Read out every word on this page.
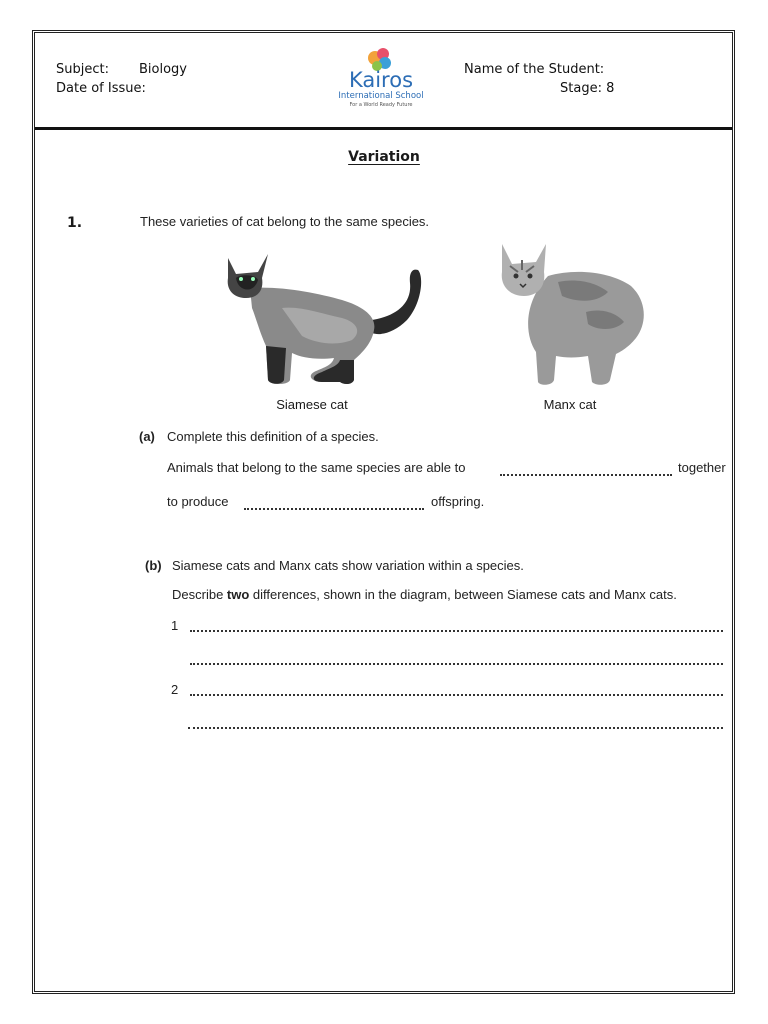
Subject: Biology
Date of Issue:
Name of the Student:
Stage: 8
Kairos
International School
For a World Ready Future
Variation
1.	These varieties of cat belong to the same species.
Siamese cat	Manx cat
(a) Complete this definition of a species.
Animals that belong to the same species are able to	together
to produce	offspring.
(b) Siamese cats and Manx cats show variation within a species.
Describe two differences, shown in the diagram, between Siamese cats and Manx cats.
1
2
